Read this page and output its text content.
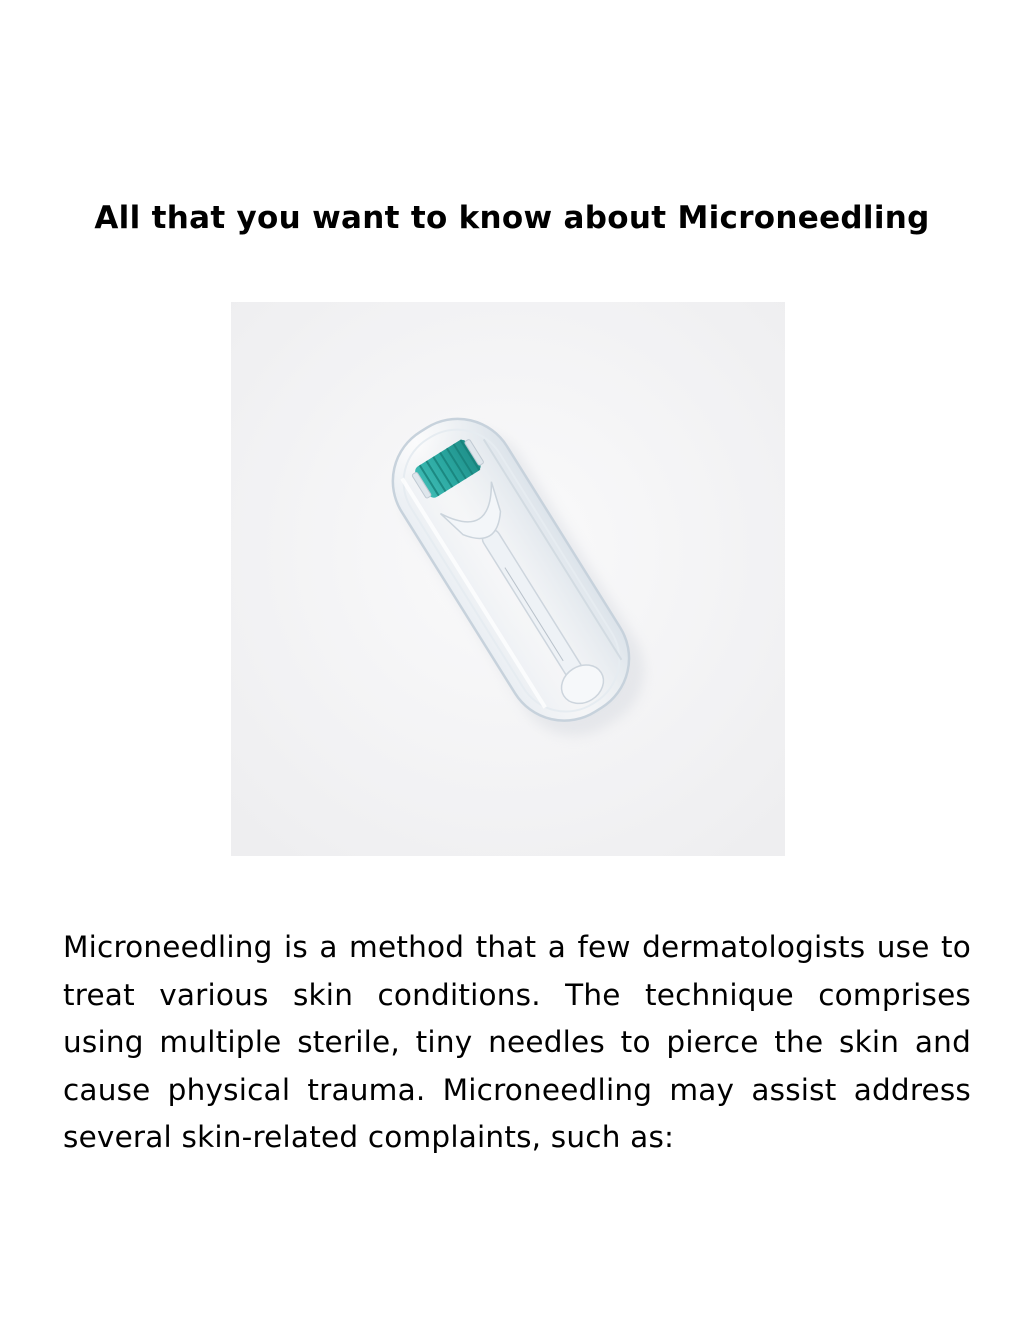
All that you want to know about Microneedling

Microneedling is a method that a few dermatologists use to treat various skin conditions. The technique comprises using multiple sterile, tiny needles to pierce the skin and cause physical trauma. Microneedling may assist address several skin-related complaints, such as:
